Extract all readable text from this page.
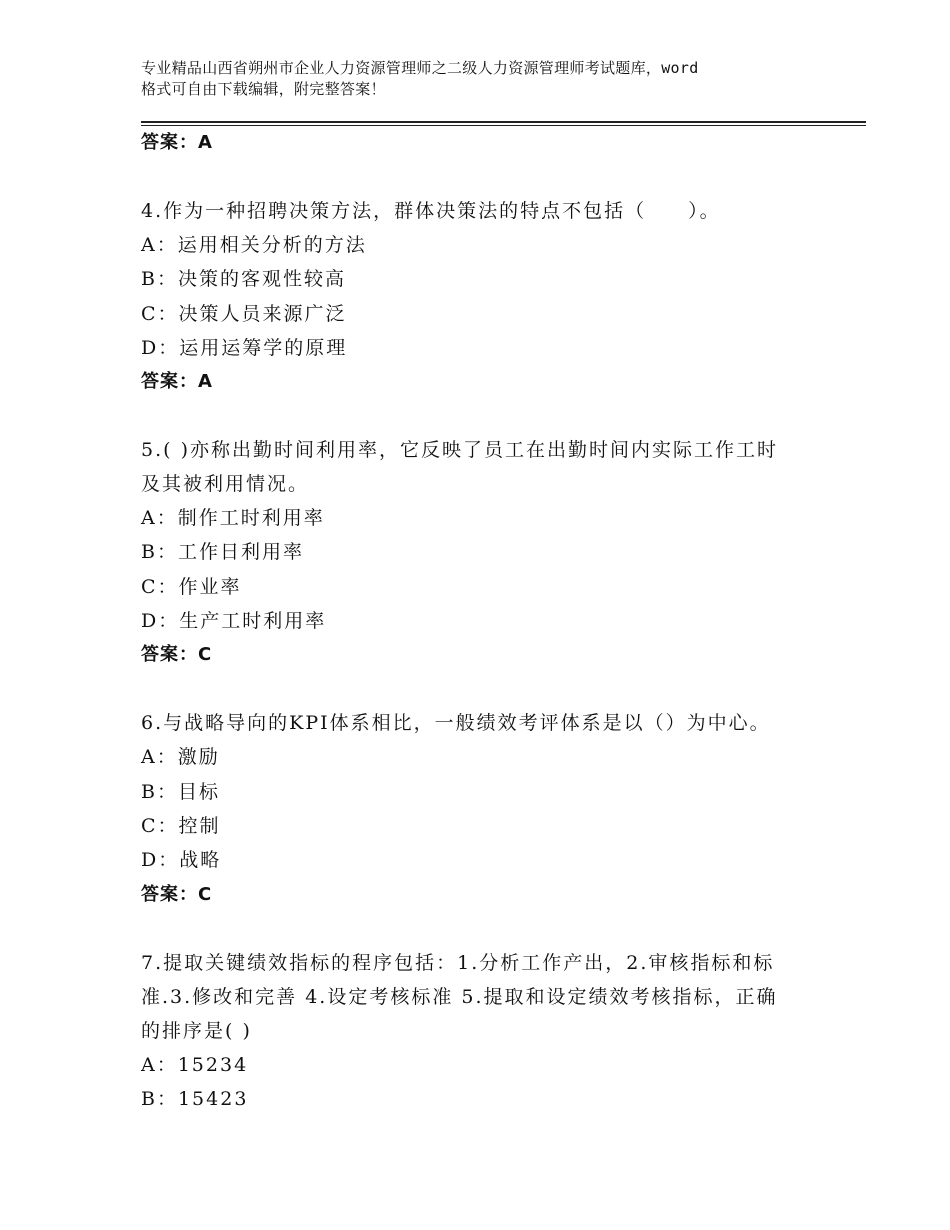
专业精品山西省朔州市企业人力资源管理师之二级人力资源管理师考试题库，word
格式可自由下载编辑，附完整答案！
答案：A
4.作为一种招聘决策方法，群体决策法的特点不包括（　　）。
A：运用相关分析的方法
B：决策的客观性较高
C：决策人员来源广泛
D：运用运筹学的原理
答案：A
5.( )亦称出勤时间利用率，它反映了员工在出勤时间内实际工作工时
及其被利用情况。
A：制作工时利用率
B：工作日利用率
C：作业率
D：生产工时利用率
答案：C
6.与战略导向的KPI体系相比，一般绩效考评体系是以（）为中心。
A：激励
B：目标
C：控制
D：战略
答案：C
7.提取关键绩效指标的程序包括：1.分析工作产出，2.审核指标和标
准.3.修改和完善 4.设定考核标准 5.提取和设定绩效考核指标，正确
的排序是( )
A：15234
B：15423
